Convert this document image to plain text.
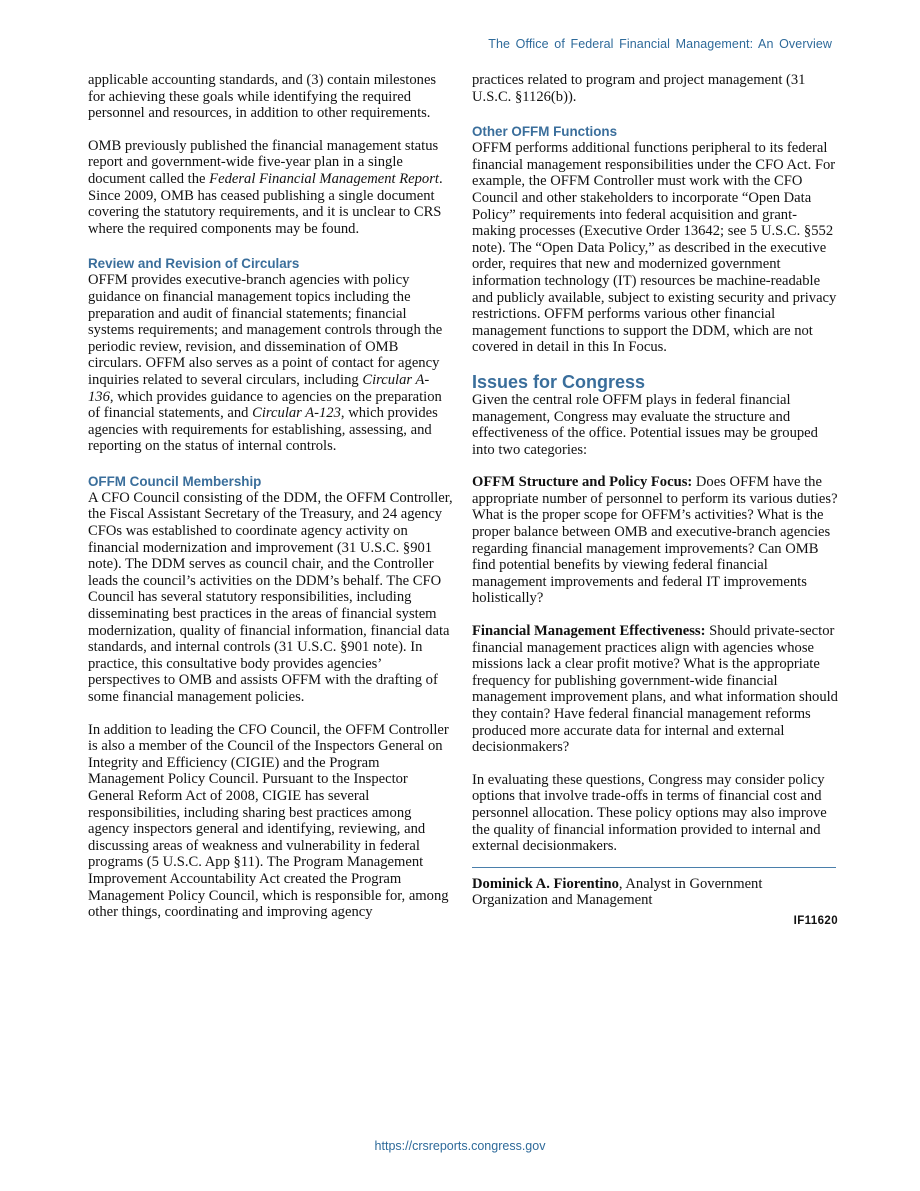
The Office of Federal Financial Management: An Overview

applicable accounting standards, and (3) contain milestones for achieving these goals while identifying the required personnel and resources, in addition to other requirements.

OMB previously published the financial management status report and government-wide five-year plan in a single document called the Federal Financial Management Report. Since 2009, OMB has ceased publishing a single document covering the statutory requirements, and it is unclear to CRS where the required components may be found.

Review and Revision of Circulars

OFFM provides executive-branch agencies with policy guidance on financial management topics including the preparation and audit of financial statements; financial systems requirements; and management controls through the periodic review, revision, and dissemination of OMB circulars. OFFM also serves as a point of contact for agency inquiries related to several circulars, including Circular A-136, which provides guidance to agencies on the preparation of financial statements, and Circular A-123, which provides agencies with requirements for establishing, assessing, and reporting on the status of internal controls.

OFFM Council Membership

A CFO Council consisting of the DDM, the OFFM Controller, the Fiscal Assistant Secretary of the Treasury, and 24 agency CFOs was established to coordinate agency activity on financial modernization and improvement (31 U.S.C. §901 note). The DDM serves as council chair, and the Controller leads the council’s activities on the DDM’s behalf. The CFO Council has several statutory responsibilities, including disseminating best practices in the areas of financial system modernization, quality of financial information, financial data standards, and internal controls (31 U.S.C. §901 note). In practice, this consultative body provides agencies’ perspectives to OMB and assists OFFM with the drafting of some financial management policies.

In addition to leading the CFO Council, the OFFM Controller is also a member of the Council of the Inspectors General on Integrity and Efficiency (CIGIE) and the Program Management Policy Council. Pursuant to the Inspector General Reform Act of 2008, CIGIE has several responsibilities, including sharing best practices among agency inspectors general and identifying, reviewing, and discussing areas of weakness and vulnerability in federal programs (5 U.S.C. App §11). The Program Management Improvement Accountability Act created the Program Management Policy Council, which is responsible for, among other things, coordinating and improving agency

practices related to program and project management (31 U.S.C. §1126(b)).

Other OFFM Functions

OFFM performs additional functions peripheral to its federal financial management responsibilities under the CFO Act. For example, the OFFM Controller must work with the CFO Council and other stakeholders to incorporate “Open Data Policy” requirements into federal acquisition and grant-making processes (Executive Order 13642; see 5 U.S.C. §552 note). The “Open Data Policy,” as described in the executive order, requires that new and modernized government information technology (IT) resources be machine-readable and publicly available, subject to existing security and privacy restrictions. OFFM performs various other financial management functions to support the DDM, which are not covered in detail in this In Focus.

Issues for Congress

Given the central role OFFM plays in federal financial management, Congress may evaluate the structure and effectiveness of the office. Potential issues may be grouped into two categories:

OFFM Structure and Policy Focus: Does OFFM have the appropriate number of personnel to perform its various duties? What is the proper scope for OFFM’s activities? What is the proper balance between OMB and executive-branch agencies regarding financial management improvements? Can OMB find potential benefits by viewing federal financial management improvements and federal IT improvements holistically?

Financial Management Effectiveness: Should private-sector financial management practices align with agencies whose missions lack a clear profit motive? What is the appropriate frequency for publishing government-wide financial management improvement plans, and what information should they contain? Have federal financial management reforms produced more accurate data for internal and external decisionmakers?

In evaluating these questions, Congress may consider policy options that involve trade-offs in terms of financial cost and personnel allocation. These policy options may also improve the quality of financial information provided to internal and external decisionmakers.

Dominick A. Fiorentino, Analyst in Government Organization and Management
IF11620
https://crsreports.congress.gov
